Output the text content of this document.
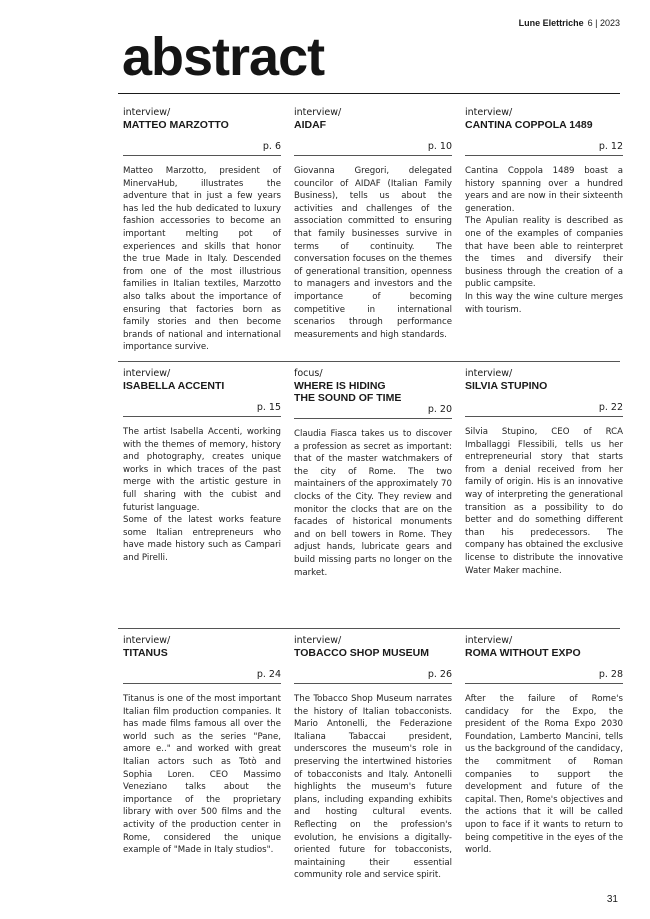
Lune Elettriche 6 | 2023
abstract
interview/
MATTEO MARZOTTO
p. 6
Matteo Marzotto, president of MinervaHub, illustrates the adventure that in just a few years has led the hub dedicated to luxury fashion accessories to become an important melting pot of experiences and skills that honor the true Made in Italy. Descended from one of the most illustrious families in Italian textiles, Marzotto also talks about the importance of ensuring that factories born as family stories and then become brands of national and international importance survive.
interview/
AIDAF
p. 10
Giovanna Gregori, delegated councilor of AIDAF (Italian Family Business), tells us about the activities and challenges of the association committed to ensuring that family businesses survive in terms of continuity. The conversation focuses on the themes of generational transition, openness to managers and investors and the importance of becoming competitive in international scenarios through performance measurements and high standards.
interview/
CANTINA COPPOLA 1489
p. 12
Cantina Coppola 1489 boast a history spanning over a hundred years and are now in their sixteenth generation.
The Apulian reality is described as one of the examples of companies that have been able to reinterpret the times and diversify their business through the creation of a public campsite.
In this way the wine culture merges with tourism.
interview/
ISABELLA ACCENTI
p. 15
The artist Isabella Accenti, working with the themes of memory, history and photography, creates unique works in which traces of the past merge with the artistic gesture in full sharing with the cubist and futurist language.
Some of the latest works feature some Italian entrepreneurs who have made history such as Campari and Pirelli.
focus/
WHERE IS HIDING
THE SOUND OF TIME
p. 20
Claudia Fiasca takes us to discover a profession as secret as important: that of the master watchmakers of the city of Rome. The two maintainers of the approximately 70 clocks of the City. They review and monitor the clocks that are on the facades of historical monuments and on bell towers in Rome. They adjust hands, lubricate gears and build missing parts no longer on the market.
interview/
SILVIA STUPINO
p. 22
Silvia Stupino, CEO of RCA Imballaggi Flessibili, tells us her entrepreneurial story that starts from a denial received from her family of origin. His is an innovative way of interpreting the generational transition as a possibility to do better and do something different than his predecessors. The company has obtained the exclusive license to distribute the innovative Water Maker machine.
interview/
TITANUS
p. 24
Titanus is one of the most important Italian film production companies. It has made films famous all over the world such as the series "Pane, amore e.." and worked with great Italian actors such as Totò and Sophia Loren. CEO Massimo Veneziano talks about the importance of the proprietary library with over 500 films and the activity of the production center in Rome, considered the unique example of "Made in Italy studios".
interview/
TOBACCO SHOP MUSEUM
p. 26
The Tobacco Shop Museum narrates the history of Italian tobacconists. Mario Antonelli, the Federazione Italiana Tabaccai president, underscores the museum's role in preserving the intertwined histories of tobacconists and Italy. Antonelli highlights the museum's future plans, including expanding exhibits and hosting cultural events. Reflecting on the profession's evolution, he envisions a digitally-oriented future for tobacconists, maintaining their essential community role and service spirit.
interview/
ROMA WITHOUT EXPO
p. 28
After the failure of Rome's candidacy for the Expo, the president of the Roma Expo 2030 Foundation, Lamberto Mancini, tells us the background of the candidacy, the commitment of Roman companies to support the development and future of the capital. Then, Rome's objectives and the actions that it will be called upon to face if it wants to return to being competitive in the eyes of the world.
31
